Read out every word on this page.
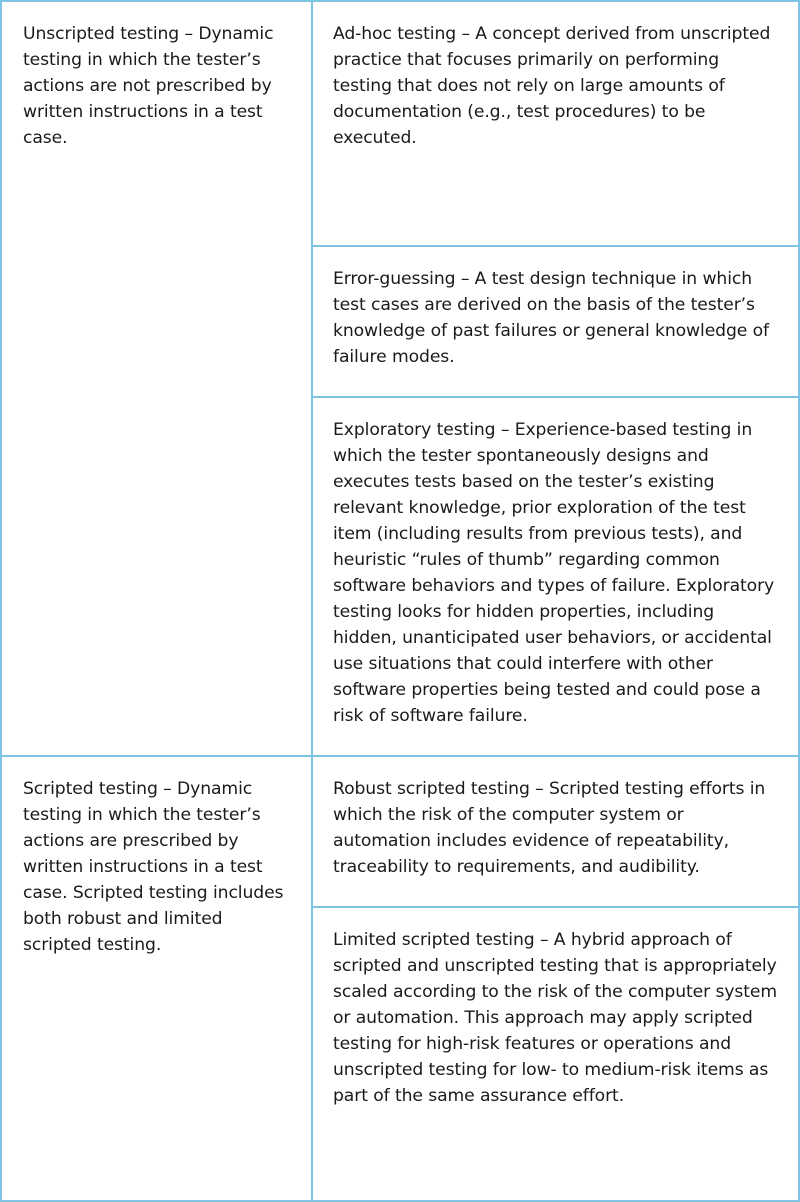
Unscripted testing – Dynamic testing in which the tester’s actions are not prescribed by written instructions in a test case.	Ad-hoc testing – A concept derived from unscripted practice that focuses primarily on performing testing that does not rely on large amounts of documentation (e.g., test procedures) to be executed.

	Error-guessing – A test design technique in which test cases are derived on the basis of the tester’s knowledge of past failures or general knowledge of failure modes.

	Exploratory testing – Experience-based testing in which the tester spontaneously designs and executes tests based on the tester’s existing relevant knowledge, prior exploration of the test item (including results from previous tests), and heuristic “rules of thumb” regarding common software behaviors and types of failure. Exploratory testing looks for hidden properties, including hidden, unanticipated user behaviors, or accidental use situations that could interfere with other software properties being tested and could pose a risk of software failure.

Scripted testing – Dynamic testing in which the tester’s actions are prescribed by written instructions in a test case. Scripted testing includes both robust and limited scripted testing.	Robust scripted testing – Scripted testing efforts in which the risk of the computer system or automation includes evidence of repeatability, traceability to requirements, and audibility.

	Limited scripted testing – A hybrid approach of scripted and unscripted testing that is appropriately scaled according to the risk of the computer system or automation. This approach may apply scripted testing for high-risk features or operations and unscripted testing for low- to medium-risk items as part of the same assurance effort.
